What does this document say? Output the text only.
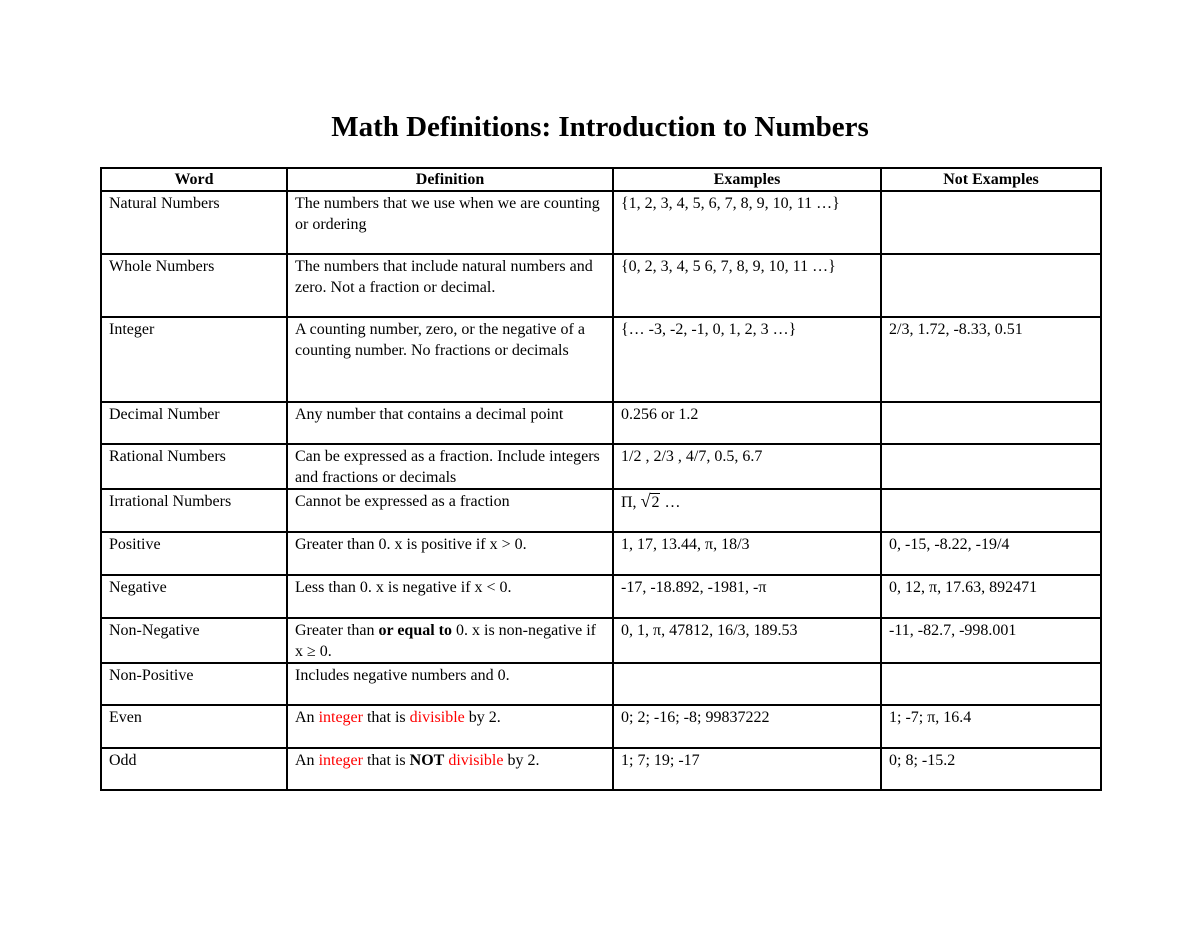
Math Definitions: Introduction to Numbers
Word	Definition	Examples	Not Examples
Natural Numbers	The numbers that we use when we are counting or ordering	{1, 2, 3, 4, 5, 6, 7, 8, 9, 10, 11 …}	
Whole Numbers	The numbers that include natural numbers and zero. Not a fraction or decimal.	{0, 2, 3, 4, 5 6, 7, 8, 9, 10, 11 …}	
Integer	A counting number, zero, or the negative of a counting number. No fractions or decimals	{… -3, -2, -1, 0, 1, 2, 3 …}	2/3, 1.72, -8.33, 0.51
Decimal Number	Any number that contains a decimal point	0.256 or 1.2	
Rational Numbers	Can be expressed as a fraction. Include integers and fractions or decimals	1/2 , 2/3 , 4/7, 0.5, 6.7	
Irrational Numbers	Cannot be expressed as a fraction	Π, √2 …	
Positive	Greater than 0. x is positive if x > 0.	1, 17, 13.44, π, 18/3	0, -15, -8.22, -19/4
Negative	Less than 0. x is negative if x < 0.	-17, -18.892, -1981, -π	0, 12, π, 17.63, 892471
Non-Negative	Greater than or equal to 0. x is non-negative if x ≥ 0.	0, 1, π, 47812, 16/3, 189.53	-11, -82.7, -998.001
Non-Positive	Includes negative numbers and 0.		
Even	An integer that is divisible by 2.	0; 2; -16; -8; 99837222	1; -7; π, 16.4
Odd	An integer that is NOT divisible by 2.	1; 7; 19; -17	0; 8; -15.2
